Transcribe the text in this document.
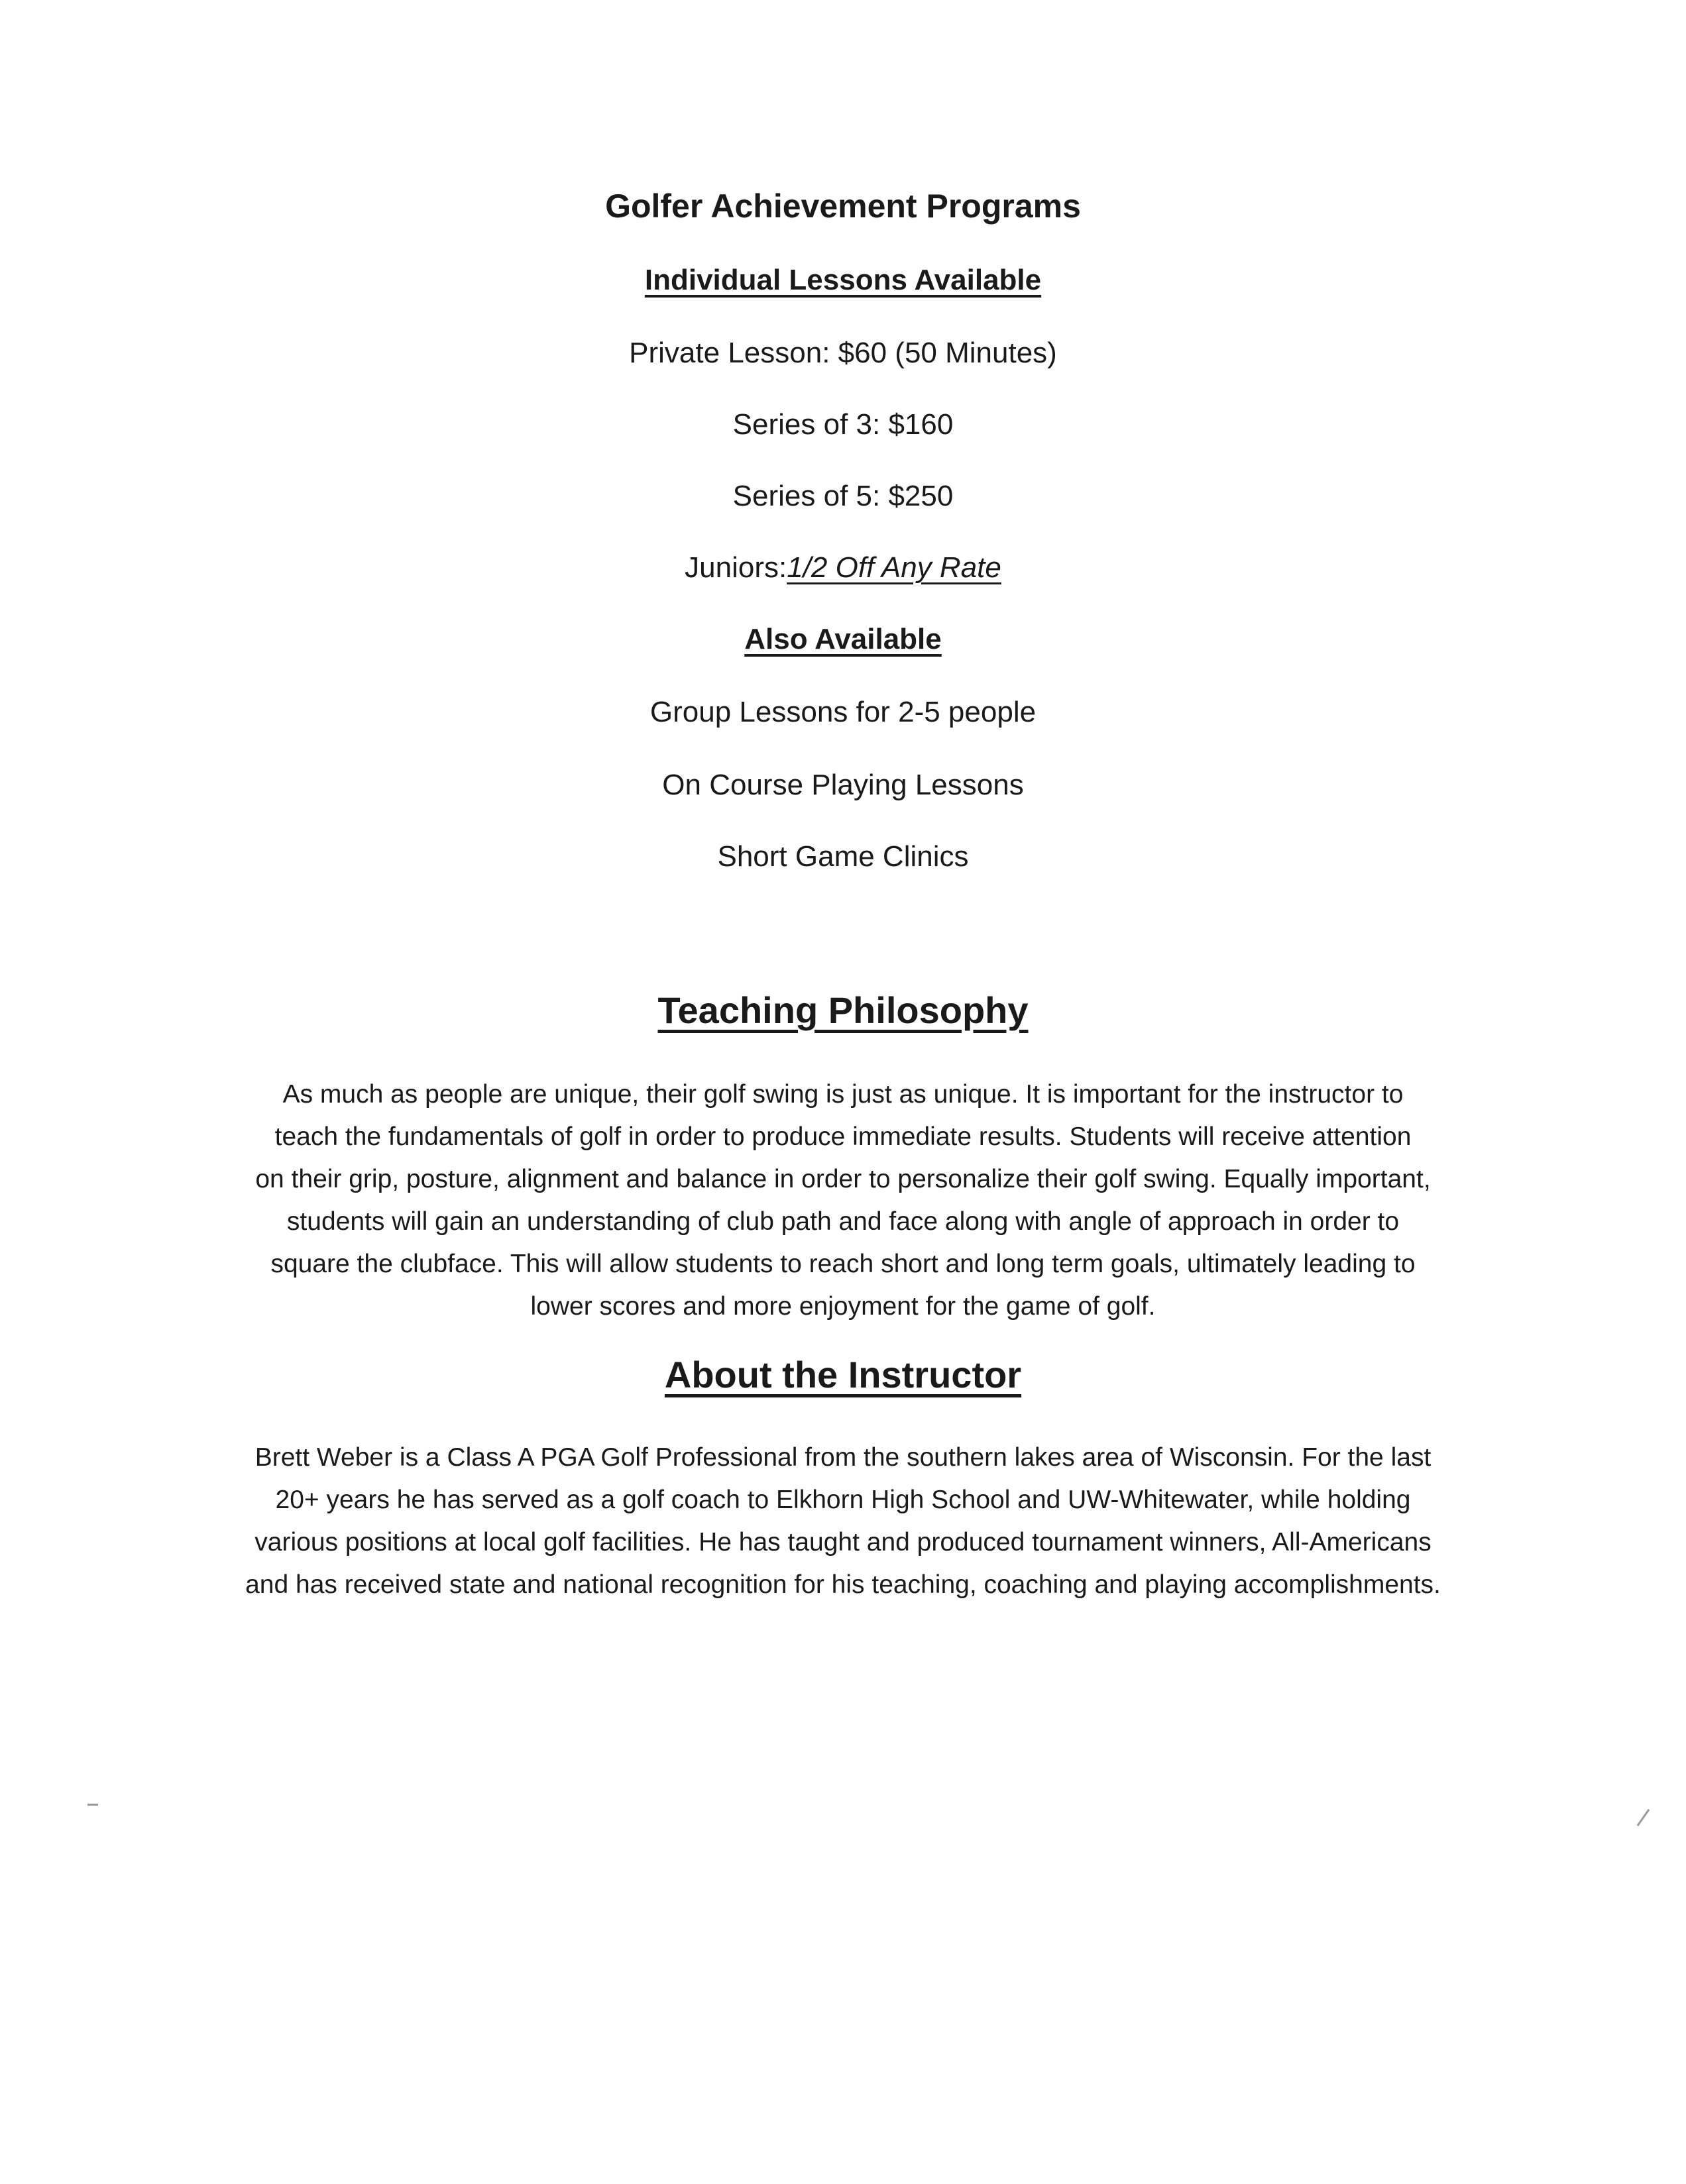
Golfer Achievement Programs
Individual Lessons Available
Private Lesson: $60 (50 Minutes)
Series of 3: $160
Series of 5: $250
Juniors:1/2 Off Any Rate
Also Available
Group Lessons for 2-5 people
On Course Playing Lessons
Short Game Clinics
Teaching Philosophy
As much as people are unique, their golf swing is just as unique. It is important for the instructor to
teach the fundamentals of golf in order to produce immediate results. Students will receive attention
on their grip, posture, alignment and balance in order to personalize their golf swing. Equally important,
students will gain an understanding of club path and face along with angle of approach in order to
square the clubface. This will allow students to reach short and long term goals, ultimately leading to
lower scores and more enjoyment for the game of golf.
About the Instructor
Brett Weber is a Class A PGA Golf Professional from the southern lakes area of Wisconsin. For the last
20+ years he has served as a golf coach to Elkhorn High School and UW-Whitewater, while holding
various positions at local golf facilities. He has taught and produced tournament winners, All-Americans
and has received state and national recognition for his teaching, coaching and playing accomplishments.
